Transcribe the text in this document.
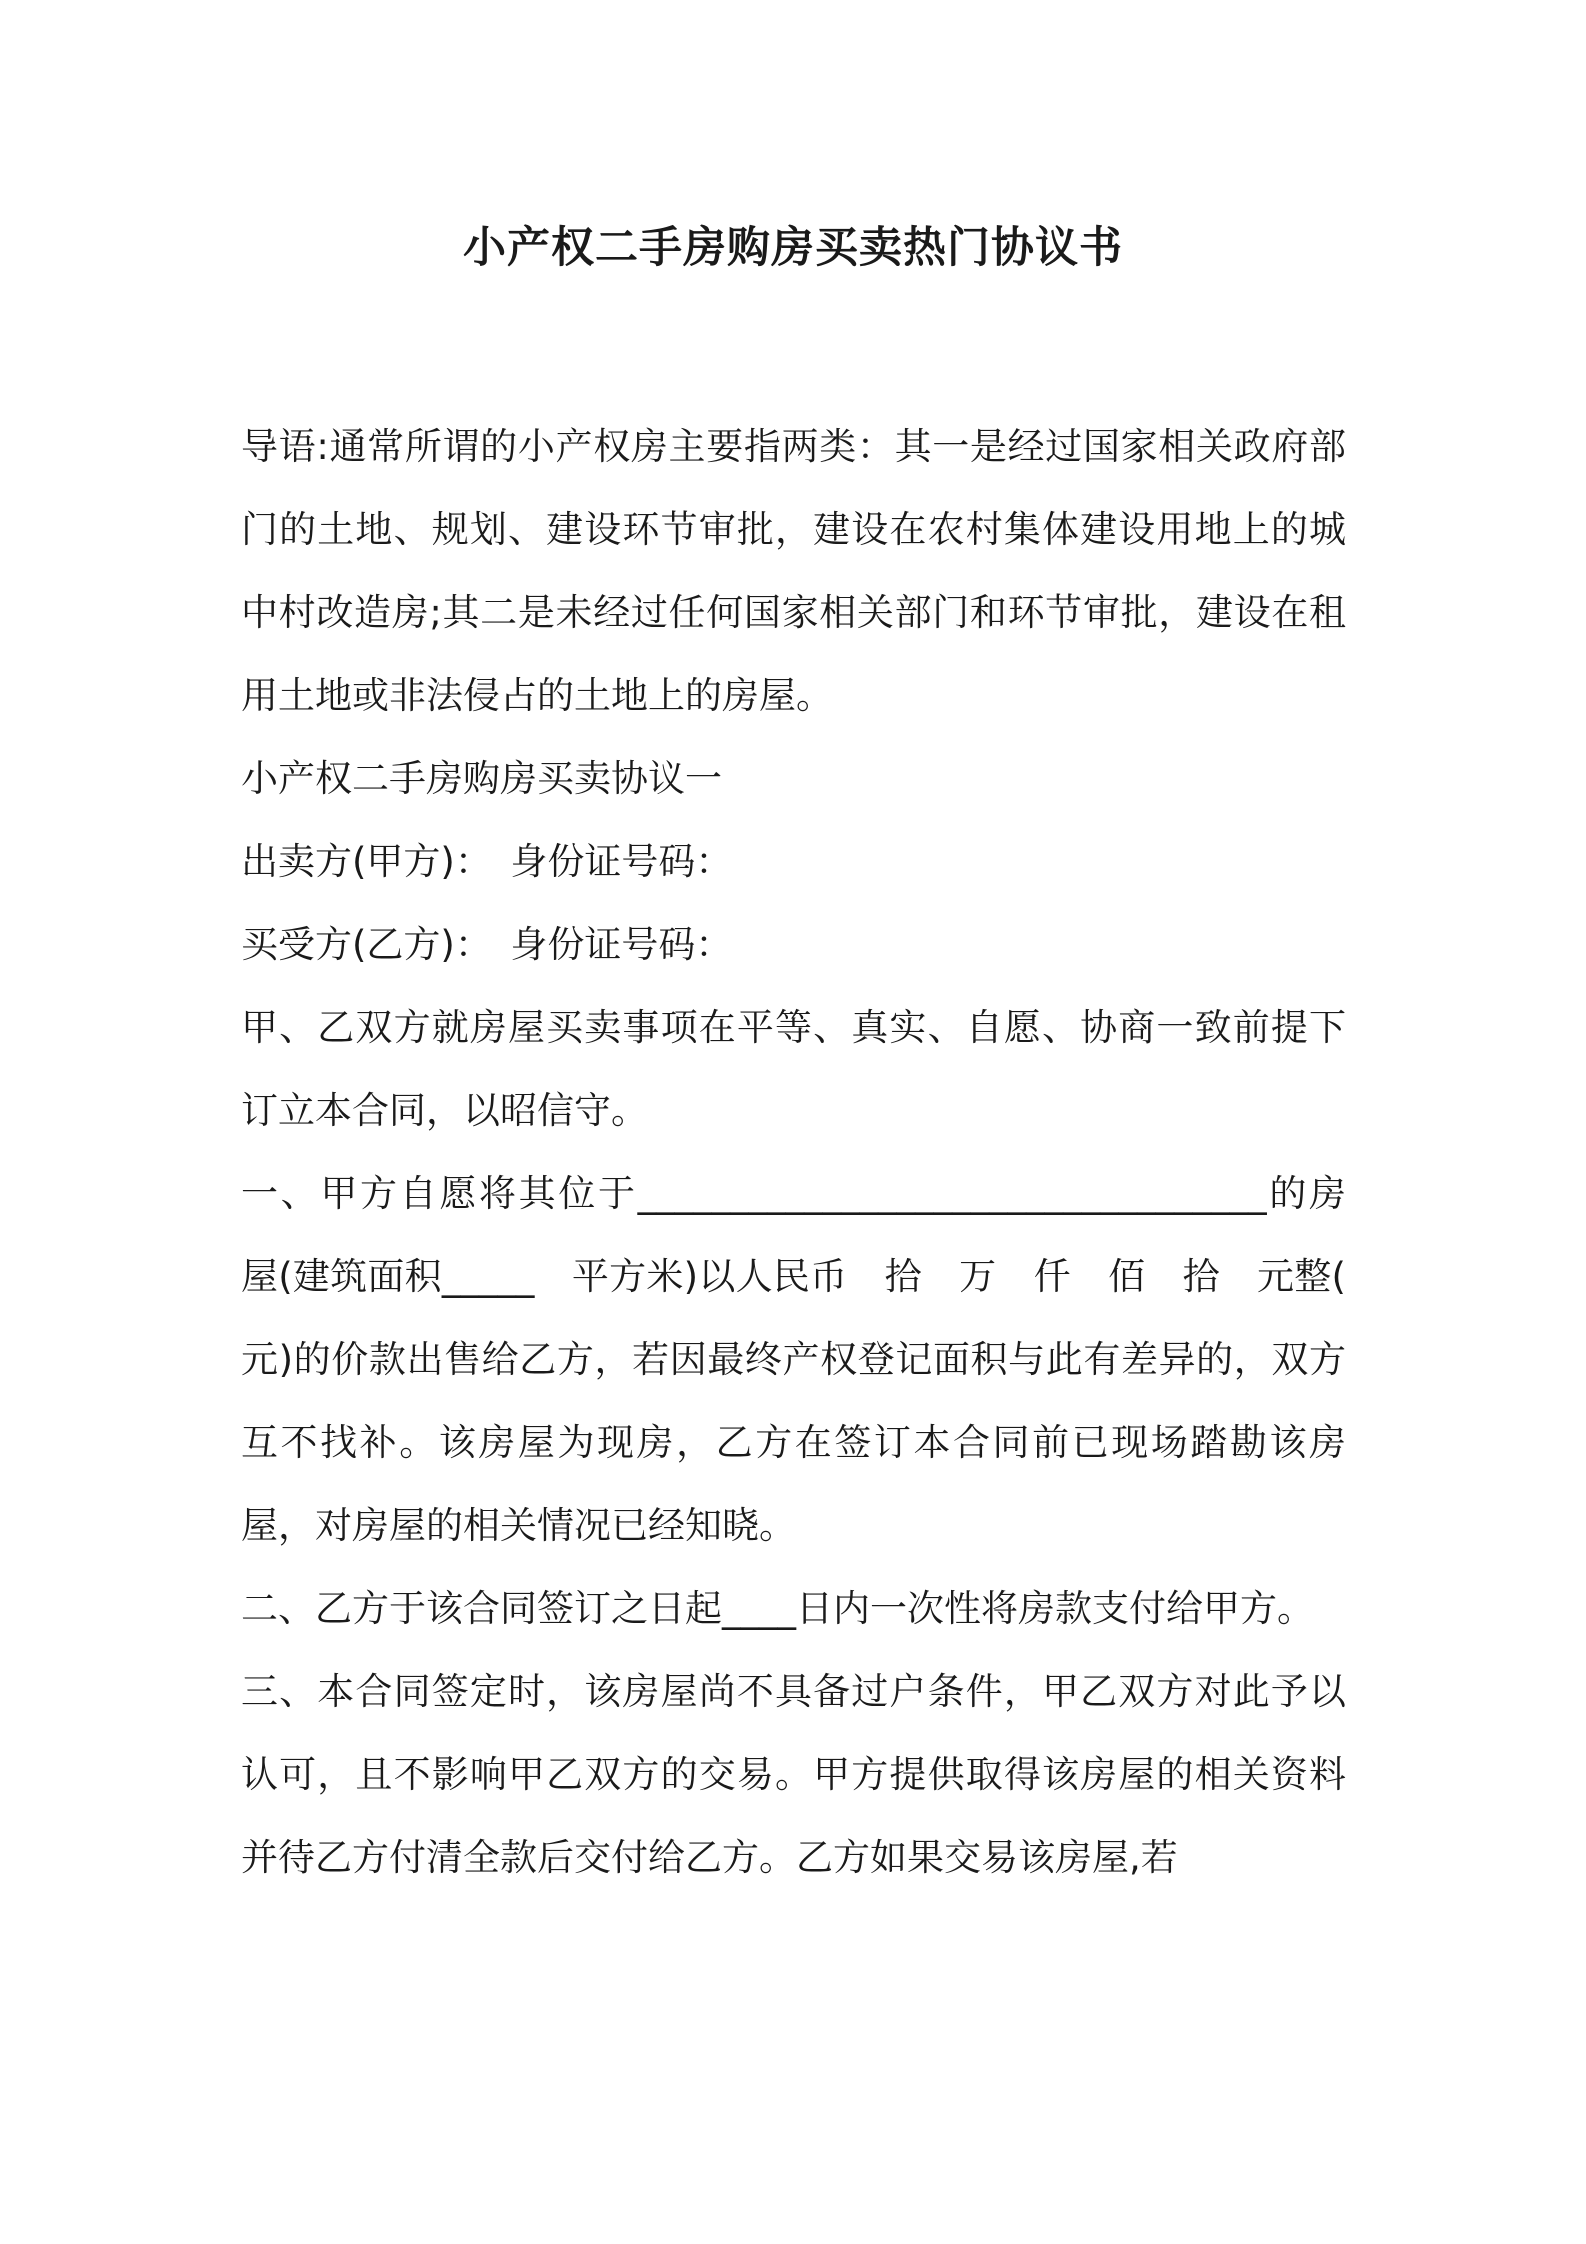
小产权二手房购房买卖热门协议书

导语:通常所谓的小产权房主要指两类：其一是经过国家相关政府部门的土地、规划、建设环节审批，建设在农村集体建设用地上的城中村改造房;其二是未经过任何国家相关部门和环节审批，建设在租用土地或非法侵占的土地上的房屋。

小产权二手房购房买卖协议一

出卖方(甲方)：　身份证号码：

买受方(乙方)：　身份证号码：

甲、乙双方就房屋买卖事项在平等、真实、自愿、协商一致前提下订立本合同，以昭信守。

一、甲方自愿将其位于__________________________________的房屋(建筑面积_____　平方米)以人民币　拾　万　仟　佰　拾　元整(　元)的价款出售给乙方，若因最终产权登记面积与此有差异的，双方互不找补。该房屋为现房，乙方在签订本合同前已现场踏勘该房屋，对房屋的相关情况已经知晓。

二、乙方于该合同签订之日起____日内一次性将房款支付给甲方。

三、本合同签定时，该房屋尚不具备过户条件，甲乙双方对此予以认可，且不影响甲乙双方的交易。甲方提供取得该房屋的相关资料并待乙方付清全款后交付给乙方。乙方如果交易该房屋,若
